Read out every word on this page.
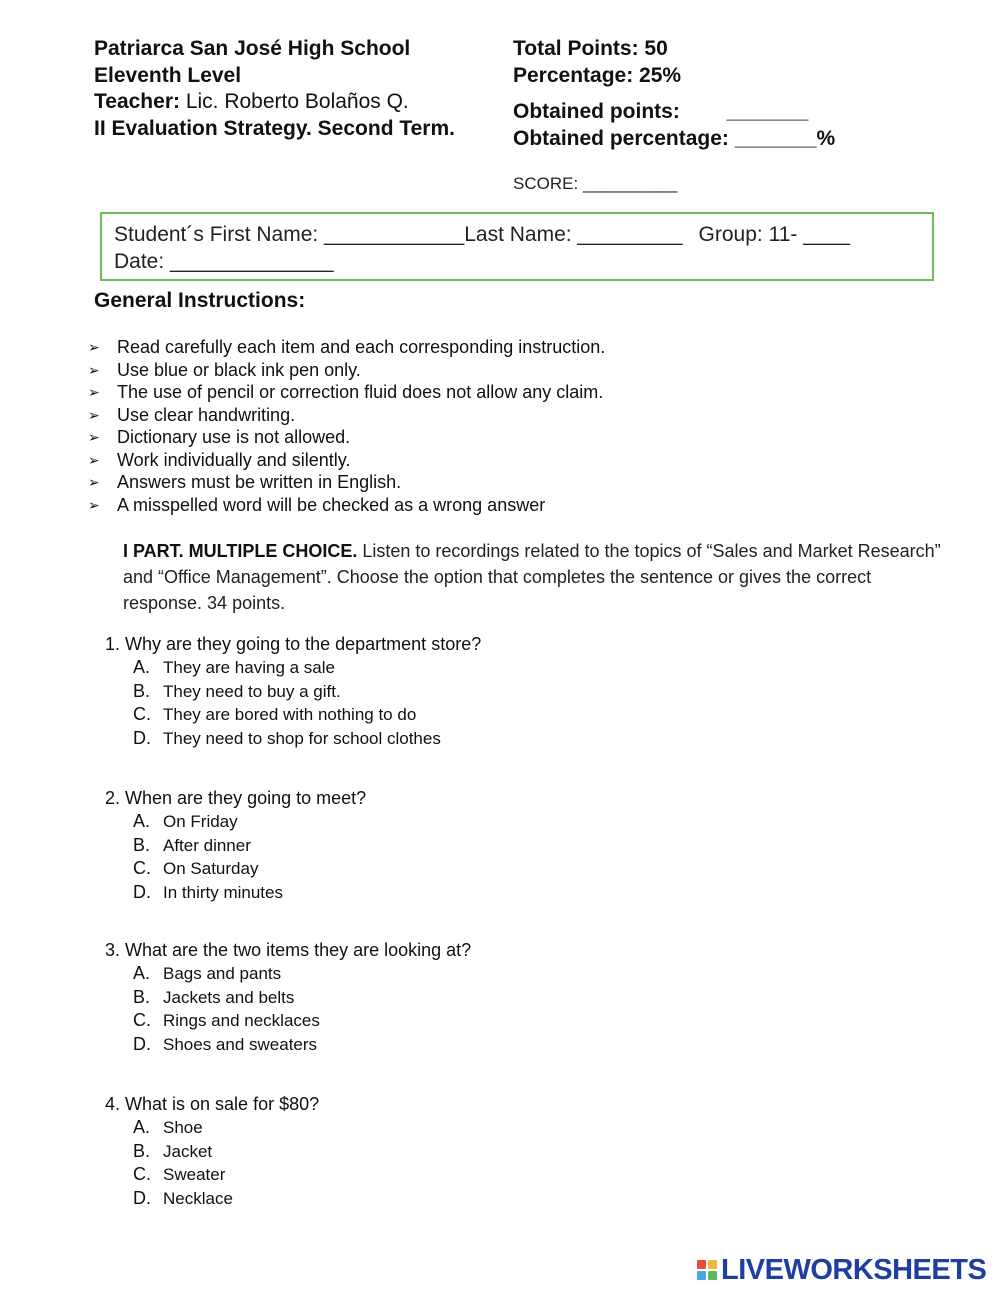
Patriarca San José High School
Eleventh Level
Teacher: Lic. Roberto Bolaños Q.
II Evaluation Strategy. Second Term.
Total Points: 50
Percentage: 25%
Obtained points:        _______
Obtained percentage: _______%
SCORE: __________
Student´s First Name: ____________Last Name: _________ Group: 11- ____
Date: ______________
General Instructions:
➢ Read carefully each item and each corresponding instruction.
➢ Use blue or black ink pen only.
➢ The use of pencil or correction fluid does not allow any claim.
➢ Use clear handwriting.
➢ Dictionary use is not allowed.
➢ Work individually and silently.
➢ Answers must be written in English.
➢ A misspelled word will be checked as a wrong answer
I PART. MULTIPLE CHOICE. Listen to recordings related to the topics of “Sales and Market Research” and “Office Management”. Choose the option that completes the sentence or gives the correct response. 34 points.
1. Why are they going to the department store?
A. They are having a sale
B. They need to buy a gift.
C. They are bored with nothing to do
D. They need to shop for school clothes
2. When are they going to meet?
A. On Friday
B. After dinner
C. On Saturday
D. In thirty minutes
3. What are the two items they are looking at?
A. Bags and pants
B. Jackets and belts
C. Rings and necklaces
D. Shoes and sweaters
4. What is on sale for $80?
A. Shoe
B. Jacket
C. Sweater
D. Necklace
LIVEWORKSHEETS
